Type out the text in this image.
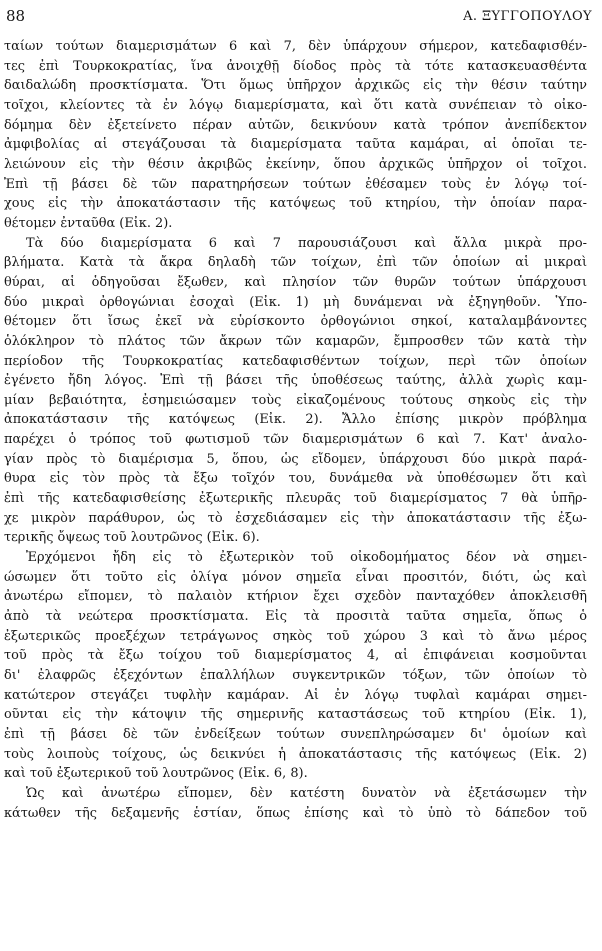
88	Α. ΞΥΓΓΟΠΟΥΛΟΥ
ταίων τούτων διαμερισμάτων 6 καὶ 7, δὲν ὑπάρχουν σήμερον, κατεδαφισθέν-
τες ἐπὶ Τουρκοκρατίας, ἵνα ἀνοιχθῇ δίοδος πρὸς τὰ τότε κατασκευασθέντα
δαιδαλώδη προσκτίσματα. Ὅτι ὅμως ὑπῆρχον ἀρχικῶς εἰς τὴν θέσιν ταύτην
τοῖχοι, κλείοντες τὰ ἐν λόγῳ διαμερίσματα, καὶ ὅτι κατὰ συνέπειαν τὸ οἰκο-
δόμημα δὲν ἐξετείνετο πέραν αὐτῶν, δεικνύουν κατὰ τρόπον ἀνεπίδεκτον
ἀμφιβολίας αἱ στεγάζουσαι τὰ διαμερίσματα ταῦτα καμάραι, αἱ ὁποῖαι τε-
λειώνουν εἰς τὴν θέσιν ἀκριβῶς ἐκείνην, ὅπου ἀρχικῶς ὑπῆρχον οἱ τοῖχοι.
Ἐπὶ τῇ βάσει δὲ τῶν παρατηρήσεων τούτων ἐθέσαμεν τοὺς ἐν λόγῳ τοί-
χους εἰς τὴν ἀποκατάστασιν τῆς κατόψεως τοῦ κτηρίου, τὴν ὁποίαν παρα-
θέτομεν ἐνταῦθα (Εἰκ. 2).
Τὰ δύο διαμερίσματα 6 καὶ 7 παρουσιάζουσι καὶ ἄλλα μικρὰ προ-
βλήματα. Κατὰ τὰ ἄκρα δηλαδὴ τῶν τοίχων, ἐπὶ τῶν ὁποίων αἱ μικραὶ
θύραι, αἱ ὁδηγοῦσαι ἔξωθεν, καὶ πλησίον τῶν θυρῶν τούτων ὑπάρχουσι
δύο μικραὶ ὀρθογώνιαι ἐσοχαὶ (Εἰκ. 1) μὴ δυνάμεναι νὰ ἐξηγηθοῦν. Ὑπο-
θέτομεν ὅτι ἴσως ἐκεῖ νὰ εὑρίσκοντο ὀρθογώνιοι σηκοί, καταλαμβάνοντες
ὁλόκληρον τὸ πλάτος τῶν ἄκρων τῶν καμαρῶν, ἔμπροσθεν τῶν κατὰ τὴν
περίοδον τῆς Τουρκοκρατίας κατεδαφισθέντων τοίχων, περὶ τῶν ὁποίων
ἐγένετο ἤδη λόγος. Ἐπὶ τῇ βάσει τῆς ὑποθέσεως ταύτης, ἀλλὰ χωρὶς καμ-
μίαν βεβαιότητα, ἐσημειώσαμεν τοὺς εἰκαζομένους τούτους σηκοὺς εἰς τὴν
ἀποκατάστασιν τῆς κατόψεως (Εἰκ. 2). Ἄλλο ἐπίσης μικρὸν πρόβλημα
παρέχει ὁ τρόπος τοῦ φωτισμοῦ τῶν διαμερισμάτων 6 καὶ 7. Κατ' ἀναλο-
γίαν πρὸς τὸ διαμέρισμα 5, ὅπου, ὡς εἴδομεν, ὑπάρχουσι δύο μικρὰ παρά-
θυρα εἰς τὸν πρὸς τὰ ἔξω τοῖχόν του, δυνάμεθα νὰ ὑποθέσωμεν ὅτι καὶ
ἐπὶ τῆς κατεδαφισθείσης ἐξωτερικῆς πλευρᾶς τοῦ διαμερίσματος 7 θὰ ὑπῆρ-
χε μικρὸν παράθυρον, ὡς τὸ ἐσχεδιάσαμεν εἰς τὴν ἀποκατάστασιν τῆς ἐξω-
τερικῆς ὄψεως τοῦ λουτρῶνος (Εἰκ. 6).
Ἐρχόμενοι ἤδη εἰς τὸ ἐξωτερικὸν τοῦ οἰκοδομήματος δέον νὰ σημει-
ώσωμεν ὅτι τοῦτο εἰς ὀλίγα μόνον σημεῖα εἶναι προσιτόν, διότι, ὡς καὶ
ἀνωτέρω εἴπομεν, τὸ παλαιὸν κτήριον ἔχει σχεδὸν πανταχόθεν ἀποκλεισθῆ
ἀπὸ τὰ νεώτερα προσκτίσματα. Εἰς τὰ προσιτὰ ταῦτα σημεῖα, ὅπως ὁ
ἐξωτερικῶς προεξέχων τετράγωνος σηκὸς τοῦ χώρου 3 καὶ τὸ ἄνω μέρος
τοῦ πρὸς τὰ ἔξω τοίχου τοῦ διαμερίσματος 4, αἱ ἐπιφάνειαι κοσμοῦνται
δι' ἐλαφρῶς ἐξεχόντων ἐπαλλήλων συγκεντρικῶν τόξων, τῶν ὁποίων τὸ
κατώτερον στεγάζει τυφλὴν καμάραν. Αἱ ἐν λόγῳ τυφλαὶ καμάραι σημει-
οῦνται εἰς τὴν κάτοψιν τῆς σημερινῆς καταστάσεως τοῦ κτηρίου (Εἰκ. 1),
ἐπὶ τῇ βάσει δὲ τῶν ἐνδείξεων τούτων συνεπληρώσαμεν δι' ὁμοίων καὶ
τοὺς λοιποὺς τοίχους, ὡς δεικνύει ἡ ἀποκατάστασις τῆς κατόψεως (Εἰκ. 2)
καὶ τοῦ ἐξωτερικοῦ τοῦ λουτρῶνος (Εἰκ. 6, 8).
Ὡς καὶ ἀνωτέρω εἴπομεν, δὲν κατέστη δυνατὸν νὰ ἐξετάσωμεν τὴν
κάτωθεν τῆς δεξαμενῆς ἑστίαν, ὅπως ἐπίσης καὶ τὸ ὑπὸ τὸ δάπεδον τοῦ
